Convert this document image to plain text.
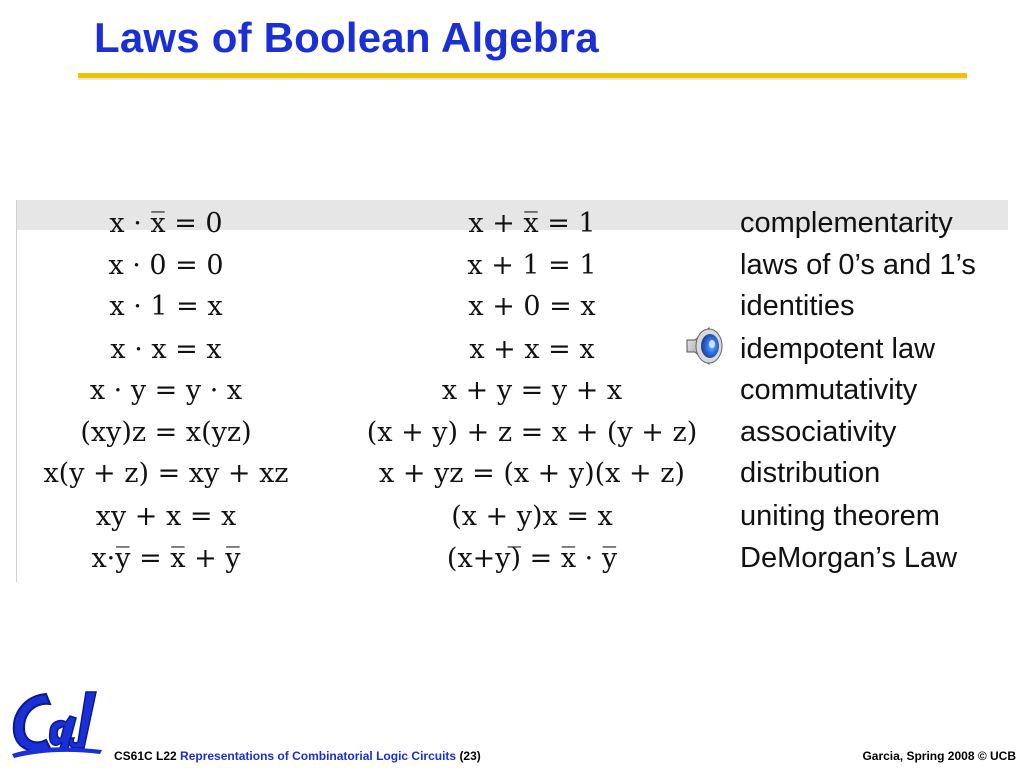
Laws of Boolean Algebra
x · x̅ = 0	x + x̅ = 1	complementarity
x · 0 = 0	x + 1 = 1	laws of 0’s and 1’s
x · 1 = x	x + 0 = x	identities
x · x = x	x + x = x	idempotent law
x · y = y · x	x + y = y + x	commutativity
(xy)z = x(yz)	(x + y) + z = x + (y + z)	associativity
x(y + z) = xy + xz	x + yz = (x + y)(x + z)	distribution
xy + x = x	(x + y)x = x	uniting theorem
x·y̅ = x̅ + y̅	(x+y)̅ = x̅ · y̅	DeMorgan’s Law
CS61C L22 Representations of Combinatorial Logic Circuits (23)	Garcia, Spring 2008 © UCB
